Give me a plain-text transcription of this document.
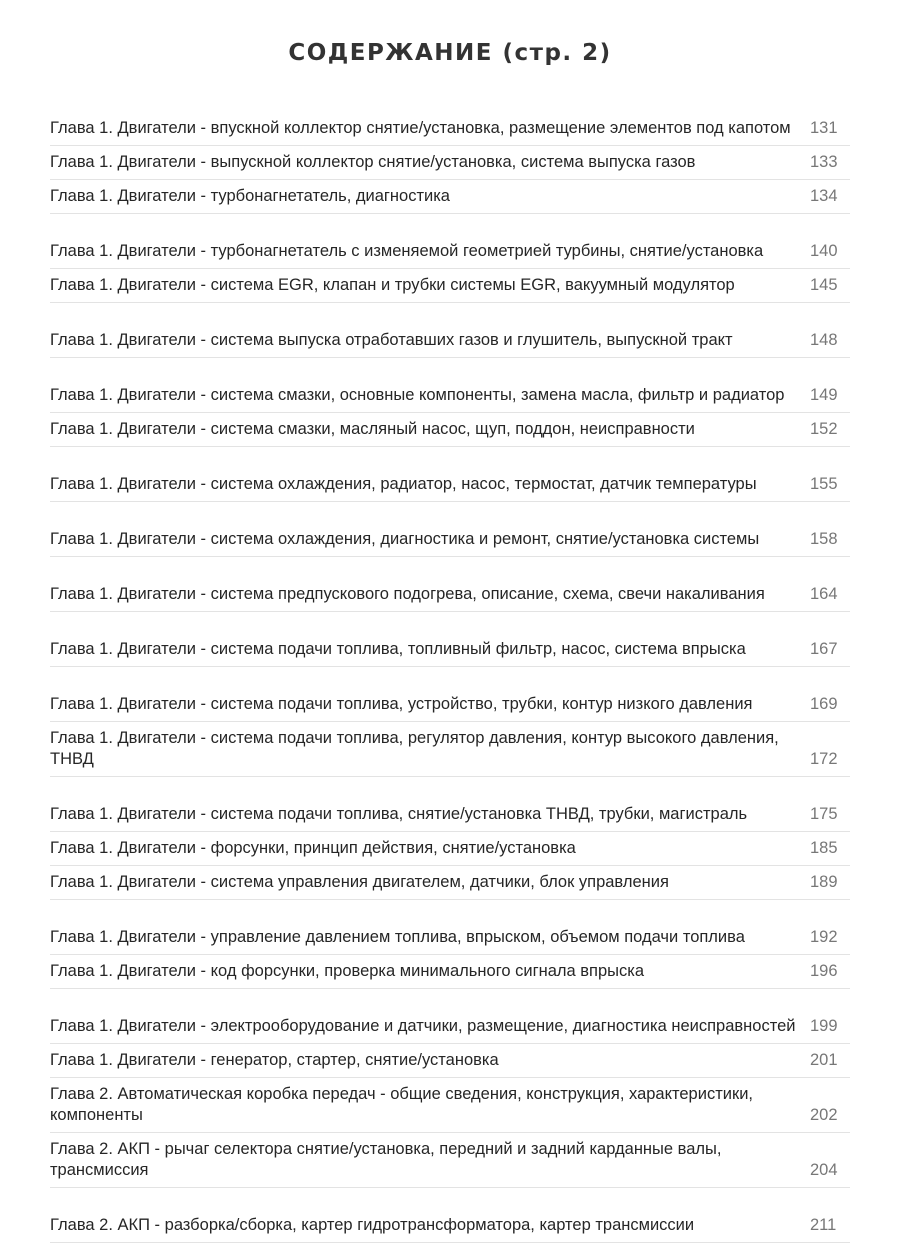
СОДЕРЖАНИЕ (стр. 2)
Глава 1. Двигатели - впускной коллектор снятие/установка, размещение элементов под капотом	131
Глава 1. Двигатели - выпускной коллектор снятие/установка, система выпуска газов	133
Глава 1. Двигатели - турбонагнетатель, диагностика	134
Глава 1. Двигатели - турбонагнетатель с изменяемой геометрией турбины, снятие/установка	140
Глава 1. Двигатели - система EGR, клапан и трубки системы EGR, вакуумный модулятор	145
Глава 1. Двигатели - система выпуска отработавших газов и глушитель, выпускной тракт	148
Глава 1. Двигатели - система смазки, основные компоненты, замена масла, фильтр и радиатор	149
Глава 1. Двигатели - система смазки, масляный насос, щуп, поддон, неисправности	152
Глава 1. Двигатели - система охлаждения, радиатор, насос, термостат, датчик температуры	155
Глава 1. Двигатели - система охлаждения, диагностика и ремонт, снятие/установка системы	158
Глава 1. Двигатели - система предпускового подогрева, описание, схема, свечи накаливания	164
Глава 1. Двигатели - система подачи топлива, топливный фильтр, насос, система впрыска	167
Глава 1. Двигатели - система подачи топлива, устройство, трубки, контур низкого давления	169
Глава 1. Двигатели - система подачи топлива, регулятор давления, контур высокого давления, ТНВД	172
Глава 1. Двигатели - система подачи топлива, снятие/установка ТНВД, трубки, магистраль	175
Глава 1. Двигатели - форсунки, принцип действия, снятие/установка	185
Глава 1. Двигатели - система управления двигателем, датчики, блок управления	189
Глава 1. Двигатели - управление давлением топлива, впрыском, объемом подачи топлива	192
Глава 1. Двигатели - код форсунки, проверка минимального сигнала впрыска	196
Глава 1. Двигатели - электрооборудование и датчики, размещение, диагностика неисправностей 199
Глава 1. Двигатели - генератор, стартер, снятие/установка	201
Глава 2. Автоматическая коробка передач - общие сведения, конструкция, характеристики, компоненты	202
Глава 2. АКП - рычаг селектора снятие/установка, передний и задний карданные валы, трансмиссия	204
Глава 2. АКП - разборка/сборка, картер гидротрансформатора, картер трансмиссии	211
